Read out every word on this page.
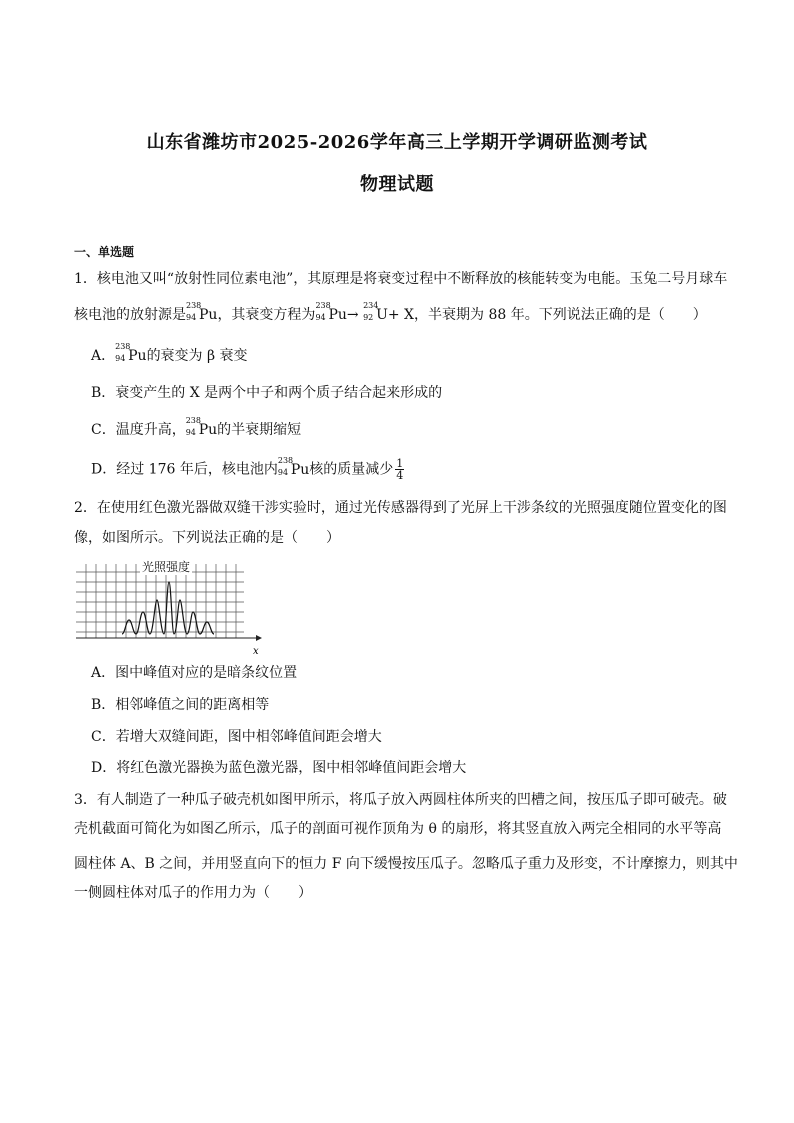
山东省潍坊市2025-2026学年高三上学期开学调研监测考试
物理试题
一、单选题
1．核电池又叫“放射性同位素电池”，其原理是将衰变过程中不断释放的核能转变为电能。玉兔二号月球车
核电池的放射源是
238
94 Pu，其衰变方程为
238
94 Pu→
234
92 U+ X，半衰期为 88 年。下列说法正确的是（　　）
A．
238
94 Pu的衰变为 β 衰变
B．衰变产生的 X 是两个中子和两个质子结合起来形成的
C．温度升高，
238
94 Pu的半衰期缩短
D．经过 176 年后，核电池内
238
94 Pu核的质量减少 $\frac{1}{4}$
2．在使用红色激光器做双缝干涉实验时，通过光传感器得到了光屏上干涉条纹的光照强度随位置变化的图
像，如图所示。下列说法正确的是（　　）
x
光照强度
A．图中峰值对应的是暗条纹位置
B．相邻峰值之间的距离相等
C．若增大双缝间距，图中相邻峰值间距会增大
D．将红色激光器换为蓝色激光器，图中相邻峰值间距会增大
3．有人制造了一种瓜子破壳机如图甲所示，将瓜子放入两圆柱体所夹的凹槽之间，按压瓜子即可破壳。破
壳机截面可简化为如图乙所示，瓜子的剖面可视作顶角为 θ 的扇形，将其竖直放入两完全相同的水平等高
圆柱体 A、B 之间，并用竖直向下的恒力 F 向下缓慢按压瓜子。忽略瓜子重力及形变，不计摩擦力，则其中
一侧圆柱体对瓜子的作用力为（　　）
